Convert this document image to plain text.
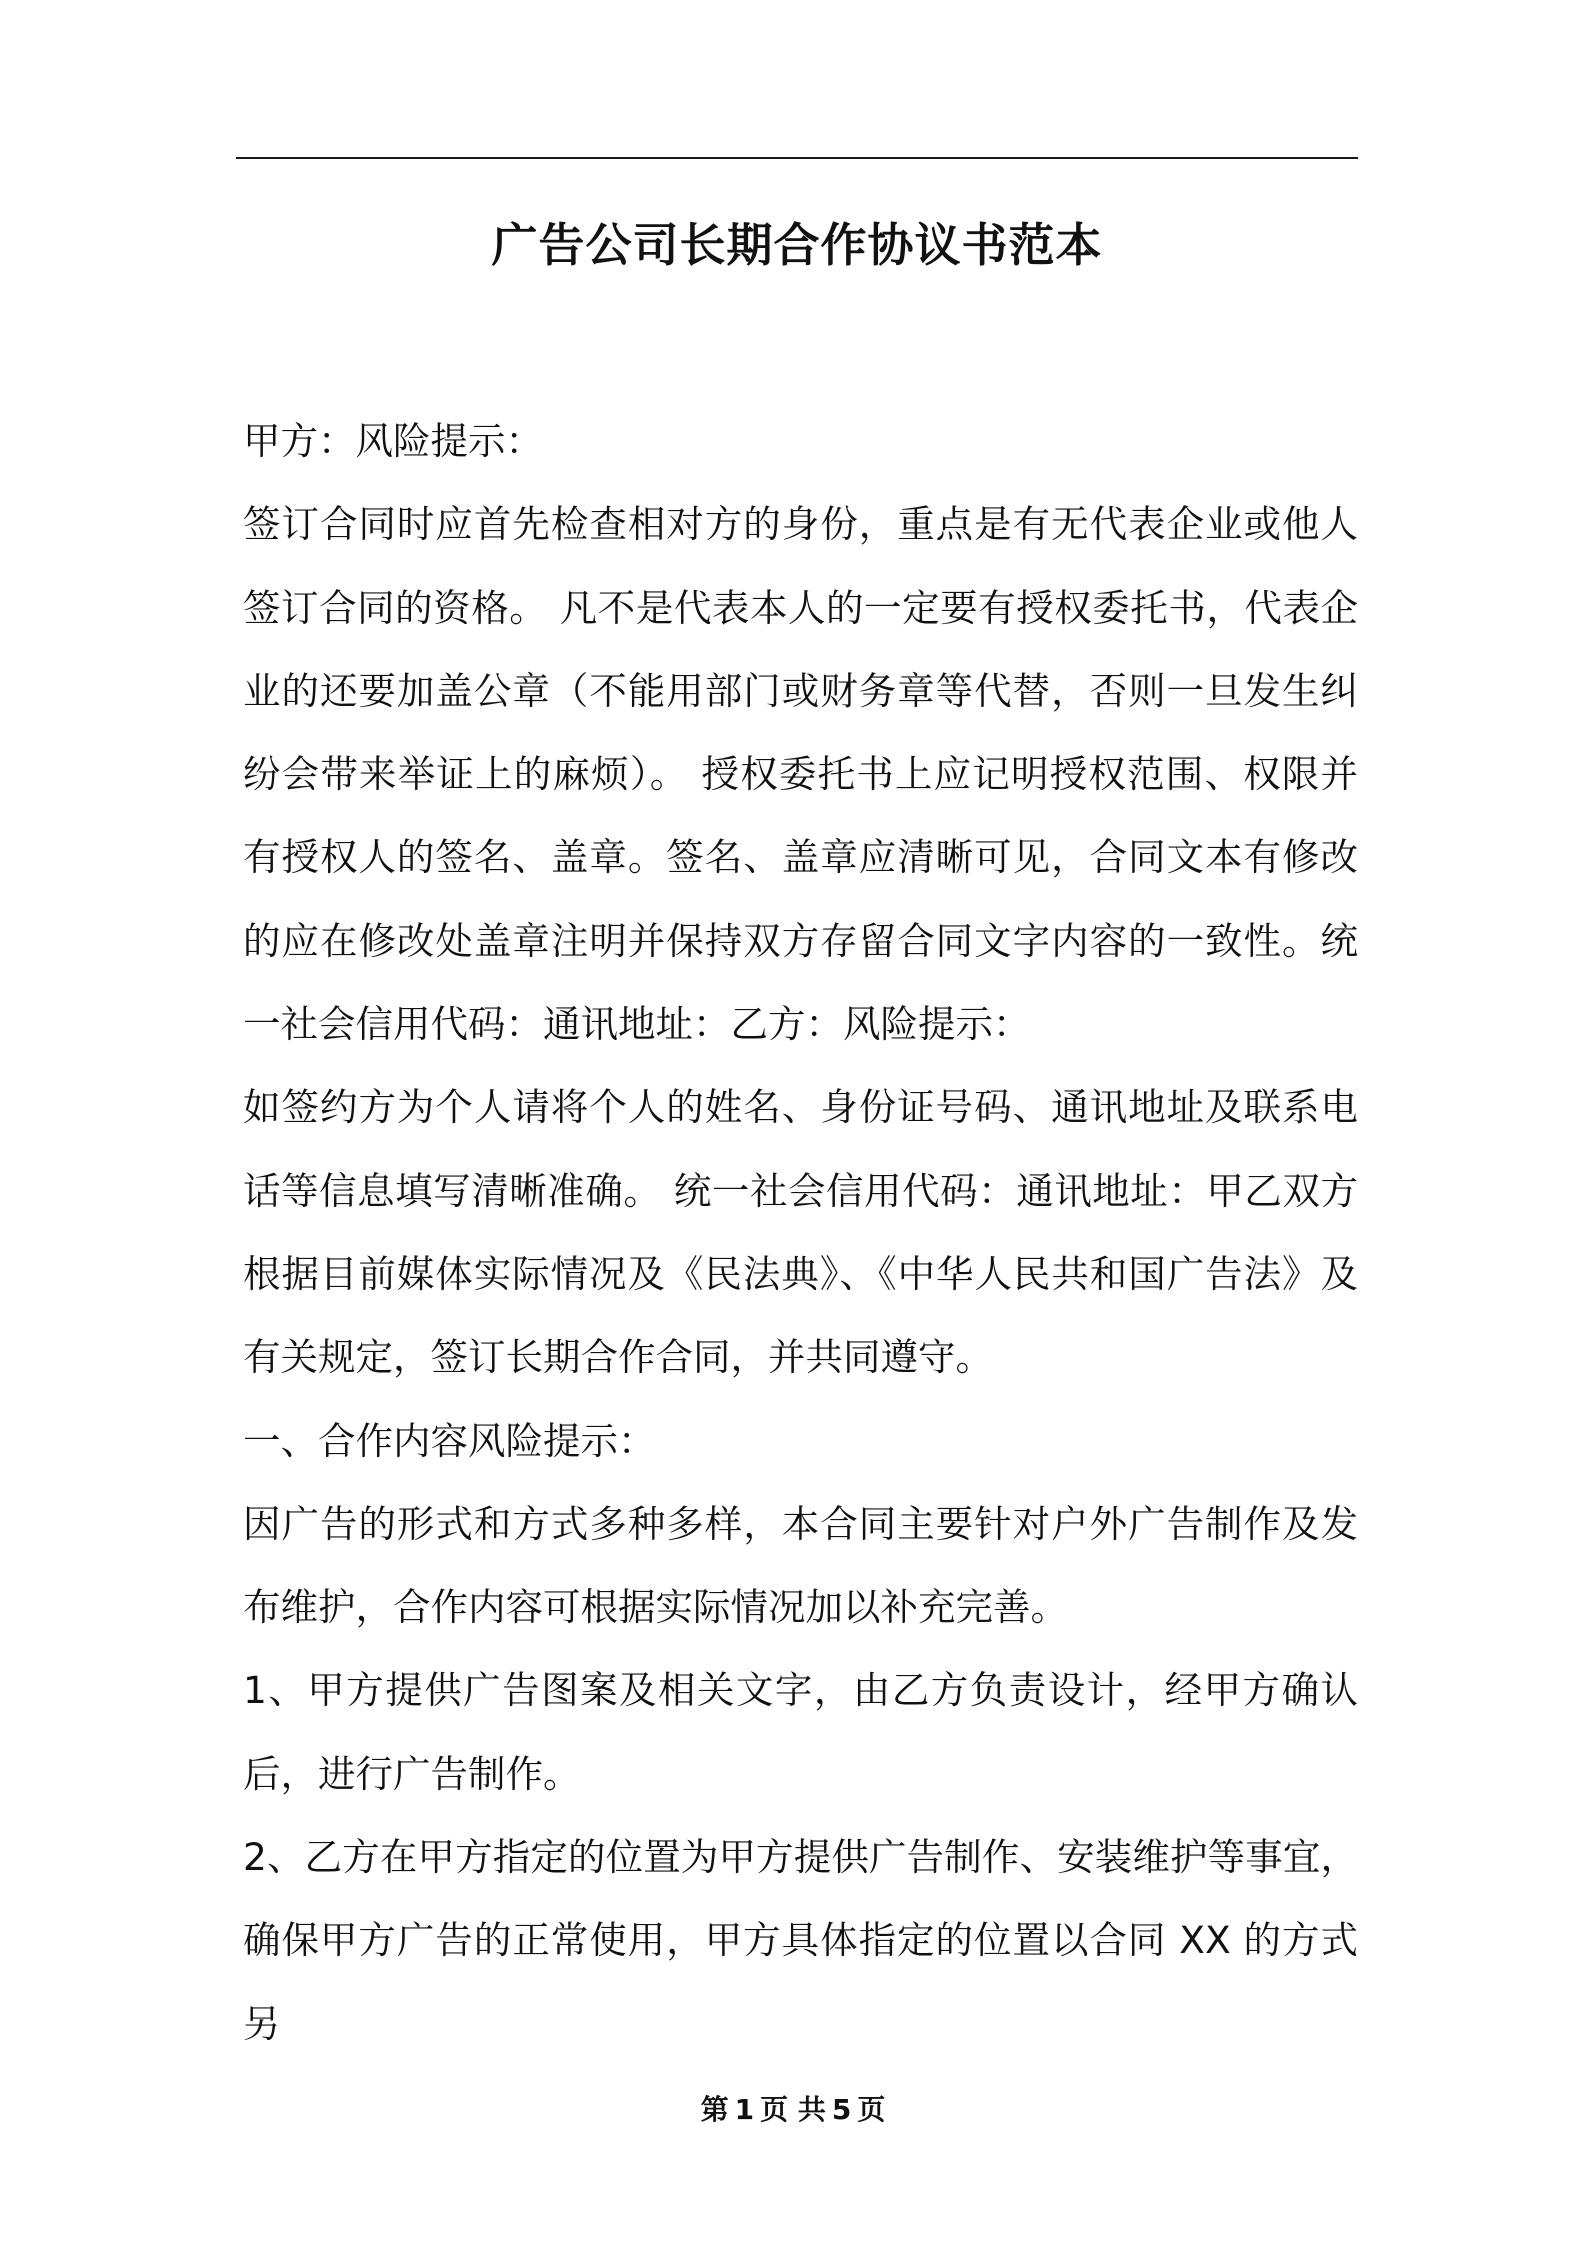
广告公司长期合作协议书范本

甲方：风险提示：

签订合同时应首先检查相对方的身份，重点是有无代表企业或他人签订合同的资格。 凡不是代表本人的一定要有授权委托书，代表企业的还要加盖公章（不能用部门或财务章等代替，否则一旦发生纠纷会带来举证上的麻烦）。 授权委托书上应记明授权范围、权限并有授权人的签名、盖章。签名、盖章应清晰可见，合同文本有修改的应在修改处盖章注明并保持双方存留合同文字内容的一致性。统一社会信用代码：通讯地址：乙方：风险提示：

如签约方为个人请将个人的姓名、身份证号码、通讯地址及联系电话等信息填写清晰准确。 统一社会信用代码：通讯地址：甲乙双方根据目前媒体实际情况及《民法典》、《中华人民共和国广告法》及有关规定，签订长期合作合同，并共同遵守。

一、合作内容风险提示：

因广告的形式和方式多种多样，本合同主要针对户外广告制作及发布维护，合作内容可根据实际情况加以补充完善。

1、甲方提供广告图案及相关文字，由乙方负责设计，经甲方确认后，进行广告制作。

2、乙方在甲方指定的位置为甲方提供广告制作、安装维护等事宜，确保甲方广告的正常使用，甲方具体指定的位置以合同 XX 的方式另

第 1 页 共 5 页
